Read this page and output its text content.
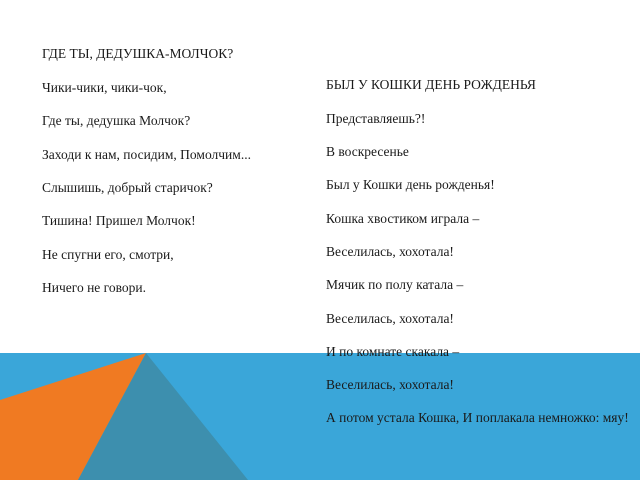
ГДЕ ТЫ, ДЕДУШКА-МОЛЧОК?
Чики-чики, чики-чок,
Где ты, дедушка Молчок?
Заходи к нам, посидим, Помолчим...
Слышишь, добрый старичок?
Тишина! Пришел Молчок!
Не спугни его, смотри,
Ничего не говори.
БЫЛ У КОШКИ ДЕНЬ РОЖДЕНЬЯ
Представляешь?!
В воскресенье
Был у Кошки день рожденья!
Кошка хвостиком играла –
Веселилась, хохотала!
Мячик по полу катала –
Веселилась, хохотала!
И по комнате скакала –
Веселилась, хохотала!
А потом устала Кошка, И поплакала немножко: мяу!
